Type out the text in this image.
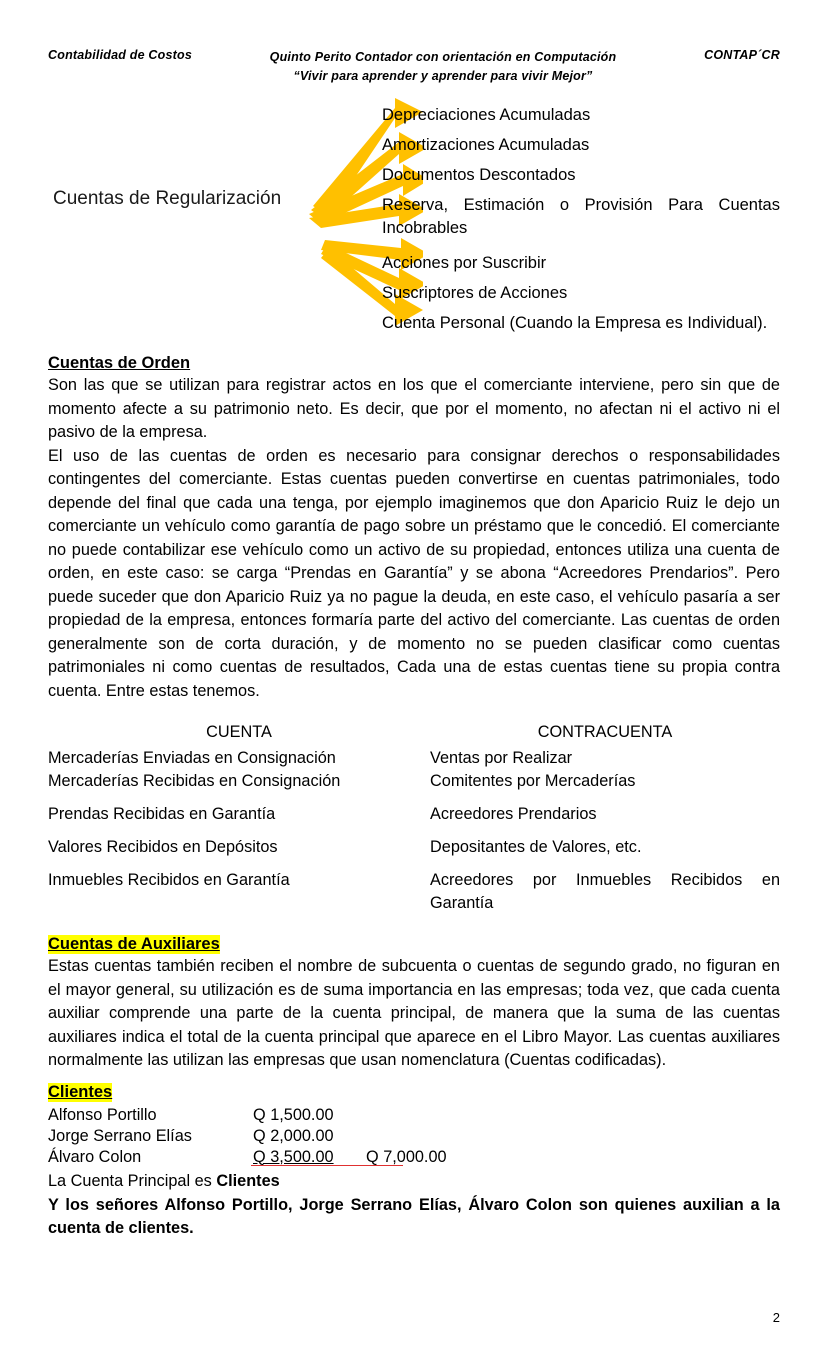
Contabilidad de Costos	Quinto Perito Contador con orientación en Computación
“Vivir para aprender y aprender para vivir Mejor”
CONTAP´CR
Cuentas de Regularización
Depreciaciones Acumuladas
Amortizaciones Acumuladas
Documentos Descontados
Reserva, Estimación o Provisión Para Cuentas Incobrables
Acciones por Suscribir
Suscriptores de Acciones
Cuenta Personal (Cuando la Empresa es Individual).
Cuentas de Orden

Son las que se utilizan para registrar actos en los que el comerciante interviene, pero sin que de momento afecte a su patrimonio neto. Es decir, que por el momento, no afectan ni el activo ni el pasivo de la empresa.

El uso de las cuentas de orden es necesario para consignar derechos o responsabilidades contingentes del comerciante. Estas cuentas pueden convertirse en cuentas patrimoniales, todo depende del final que cada una tenga, por ejemplo imaginemos que don Aparicio Ruiz le dejo un comerciante un vehículo como garantía de pago sobre un préstamo que le concedió. El comerciante no puede contabilizar ese vehículo como un activo de su propiedad, entonces utiliza una cuenta de orden, en este caso: se carga “Prendas en Garantía” y se abona “Acreedores Prendarios”. Pero puede suceder que don Aparicio Ruiz ya no pague la deuda, en este caso, el vehículo pasaría a ser propiedad de la empresa, entonces formaría parte del activo del comerciante. Las cuentas de orden generalmente son de corta duración, y de momento no se pueden clasificar como cuentas patrimoniales ni como cuentas de resultados, Cada una de estas cuentas tiene su propia contra cuenta. Entre estas tenemos.

CUENTA	CONTRACUENTA
Mercaderías Enviadas en Consignación	Ventas por Realizar
Mercaderías Recibidas en Consignación	Comitentes por Mercaderías

Prendas Recibidas en Garantía	Acreedores Prendarios

Valores Recibidos en Depósitos	Depositantes de Valores, etc.

Inmuebles Recibidos en Garantía	Acreedores por Inmuebles Recibidos en Garantía
Cuentas de Auxiliares

Estas cuentas también reciben el nombre de subcuenta o cuentas de segundo grado, no figuran en el mayor general, su utilización es de suma importancia en las empresas; toda vez, que cada cuenta auxiliar comprende una parte de la cuenta principal, de manera que la suma de las cuentas auxiliares indica el total de la cuenta principal que aparece en el Libro Mayor. Las cuentas auxiliares normalmente las utilizan las empresas que usan nomenclatura (Cuentas codificadas).

Clientes
Alfonso Portillo	Q 1,500.00
Jorge Serrano Elías	Q 2,000.00
Álvaro Colon	Q 3,500.00	Q 7,000.00
La Cuenta Principal es Clientes
Y los señores Alfonso Portillo, Jorge Serrano Elías, Álvaro Colon son quienes auxilian a la cuenta de clientes.
2
